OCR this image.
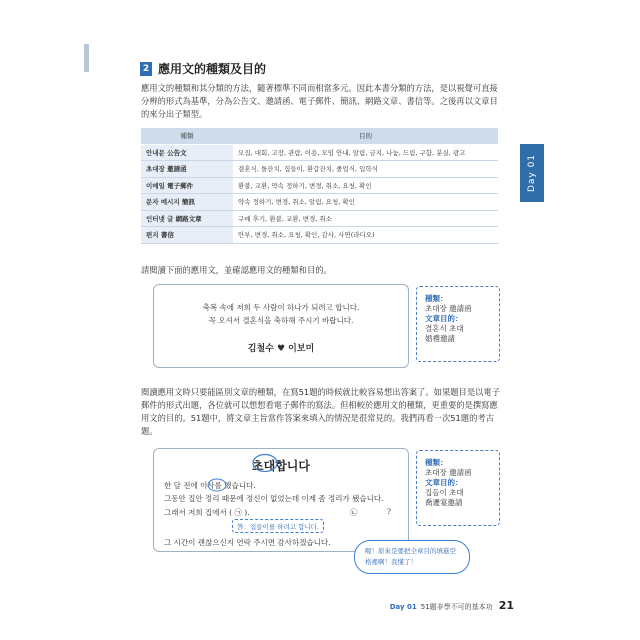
2 應用文的種類及目的
應用文的種類和其分類的方法，隨著標準不同而相當多元。因此本書分類的方法，是以視覺可直接分辨的形式為基準，分為公告文、邀請函、電子郵件、簡訊、網路文章、書信等。之後再以文章目的來分出子類型。
種類	目的
안내문 公告文	모집, 대회, 고장, 관람, 이용, 모임 안내, 알림, 금지, 나눔, 드림, 구함, 분실, 광고
초대장 邀請函	결혼식, 돌잔치, 집들이, 환갑잔치, 졸업식, 입학식
이메일 電子郵件	환불, 교환, 약속 정하기, 변경, 취소, 요청, 확인
문자 메시지 簡訊	약속 정하기, 변경, 취소, 알림, 요청, 확인
인터넷 글 網路文章	구매 후기, 환불, 교환, 변경, 취소
편지 書信	안부, 변경, 취소, 요청, 확인, 감사, 사연(라디오)
Day 01
請閱讀下面的應用文，並確認應用文的種類和目的。
축복 속에 저희 두 사람이 하나가 되려고 합니다.
꼭 오셔서 결혼식을 축하해 주시기 바랍니다.
김철수 ♥ 이보미
種類：
초대장 邀請函
文章目的：
결혼식 초대
婚禮邀請
閱讀應用文時只要能區別文章的種類，在寫51題的時候就比較容易想出答案了。如果題目是以電子郵件的形式出題，各位就可以想想看電子郵件的寫法。但相較於應用文的種類，更重要的是撰寫應用文的目的。51題中，將文章主旨當作答案來填入的情況是很常見的。我們再看一次51題的考古題。
초대합니다
한 달 전에 이사를 했습니다.
그동안 집안 정리 때문에 정신이 없었는데 이제 좀 정리가 됐습니다.
그래서 저희 집에서 ( ㉠ ).	㉡	?
答：집들이를 하려고 합니다.
그 시간이 괜찮으신지 연락 주시면 감사하겠습니다.
種類：
초대장 邀請函
文章目的：
집들이 초대
喬遷宴邀請
喔！原來是要把全章目的填進空格裡啊！我懂了！
Day 01 51題非學不可的基本功 21
